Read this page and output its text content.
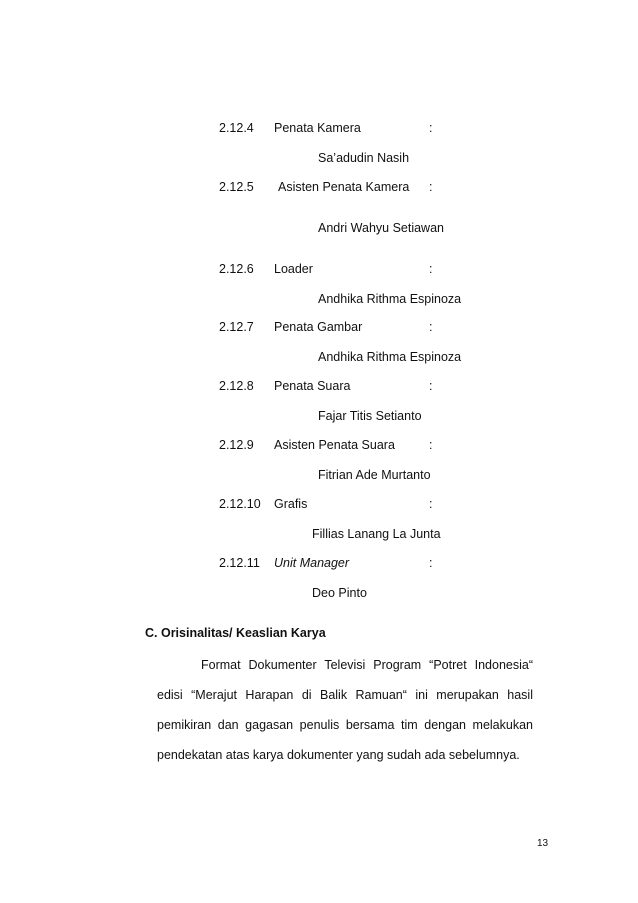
2.12.4 Penata Kamera	:
Sa’adudin Nasih
2.12.5 Asisten Penata Kamera :
Andri Wahyu Setiawan
2.12.6 Loader	:
Andhika Rithma Espinoza
2.12.7 Penata Gambar	:
Andhika Rithma Espinoza
2.12.8 Penata Suara	:
Fajar Titis Setianto
2.12.9 Asisten Penata Suara	:
Fitrian Ade Murtanto
2.12.10 Grafis	:
Fillias Lanang La Junta
2.12.11 Unit Manager	:
Deo Pinto
C. Orisinalitas/ Keaslian Karya
Format Dokumenter Televisi Program “Potret Indonesia“
edisi “Merajut Harapan di Balik Ramuan“ ini merupakan hasil
pemikiran dan gagasan penulis bersama tim dengan melakukan
pendekatan atas karya dokumenter yang sudah ada sebelumnya.
13
